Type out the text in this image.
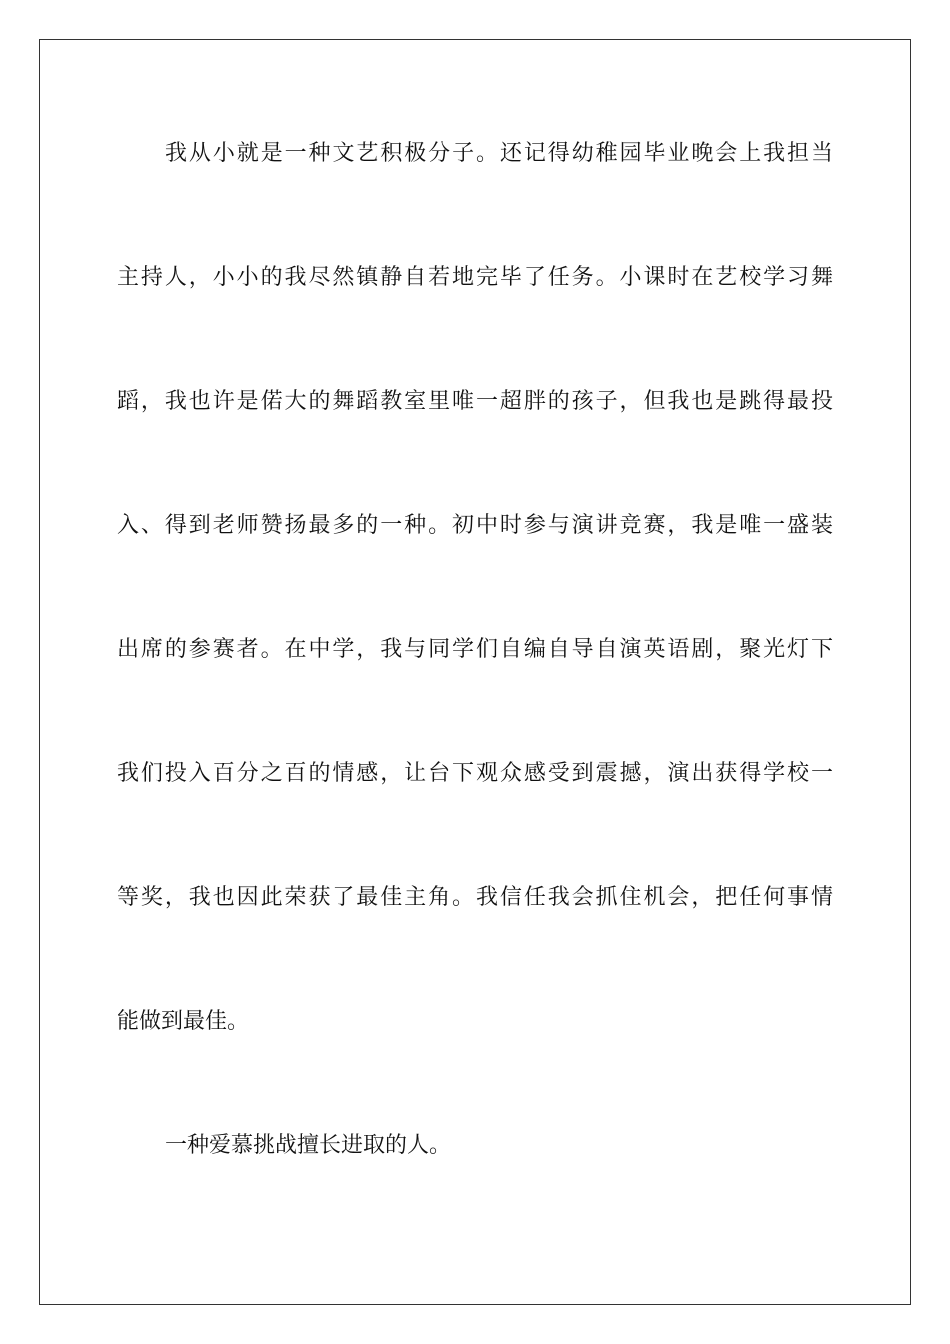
我从小就是一种文艺积极分子。还记得幼稚园毕业晚会上我担当
主持人，小小的我尽然镇静自若地完毕了任务。小课时在艺校学习舞
蹈，我也许是偌大的舞蹈教室里唯一超胖的孩子，但我也是跳得最投
入、得到老师赞扬最多的一种。初中时参与演讲竞赛，我是唯一盛装
出席的参赛者。在中学，我与同学们自编自导自演英语剧，聚光灯下
我们投入百分之百的情感，让台下观众感受到震撼，演出获得学校一
等奖，我也因此荣获了最佳主角。我信任我会抓住机会，把任何事情
能做到最佳。
一种爱慕挑战擅长进取的人。
